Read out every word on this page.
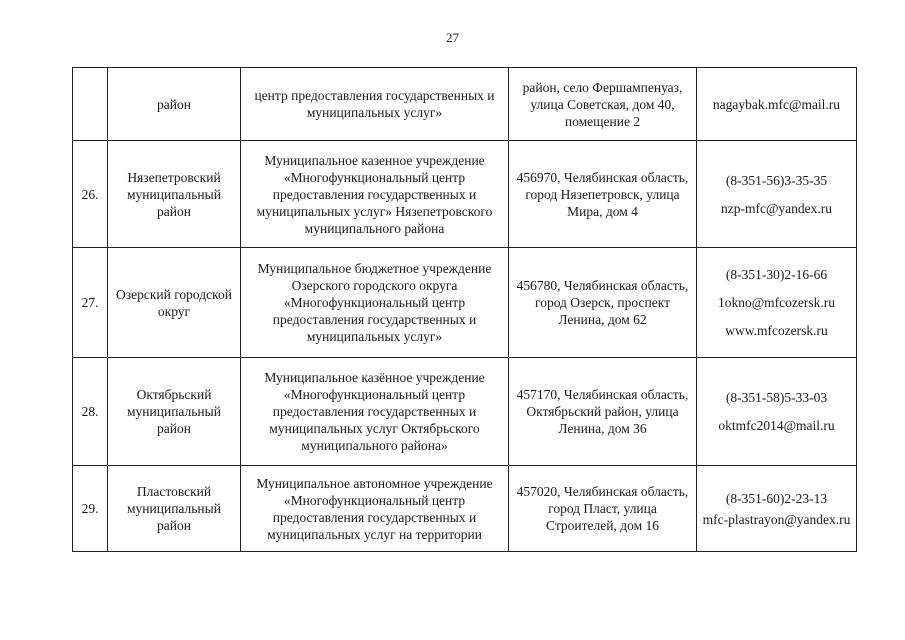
27
	район	центр предоставления государственных и муниципальных услуг»	район, село Фершампенуаз, улица Советская, дом 40, помещение 2	nagaybak.mfc@mail.ru

26.	Нязепетровский муниципальный район	Муниципальное казенное учреждение «Многофункциональный центр предоставления государственных и муниципальных услуг» Нязепетровского муниципального района	456970, Челябинская область, город Нязепетровск, улица Мира, дом 4	(8-351-56)3-35-35
nzp-mfc@yandex.ru

27.	Озерский городской округ	Муниципальное бюджетное учреждение Озерского городского округа «Многофункциональный центр предоставления государственных и муниципальных услуг»	456780, Челябинская область, город Озерск, проспект Ленина, дом 62	(8-351-30)2-16-66
1okno@mfcozersk.ru
www.mfcozersk.ru

28.	Октябрьский муниципальный район	Муниципальное казённое учреждение «Многофункциональный центр предоставления государственных и муниципальных услуг Октябрьского муниципального района»	457170, Челябинская область, Октябрьский район, улица Ленина, дом 36	(8-351-58)5-33-03
oktmfc2014@mail.ru

29.	Пластовский муниципальный район	Муниципальное автономное учреждение «Многофункциональный центр предоставления государственных и муниципальных услуг на территории	457020, Челябинская область, город Пласт, улица Строителей, дом 16	(8-351-60)2-23-13
mfc-plastrayon@yandex.ru
